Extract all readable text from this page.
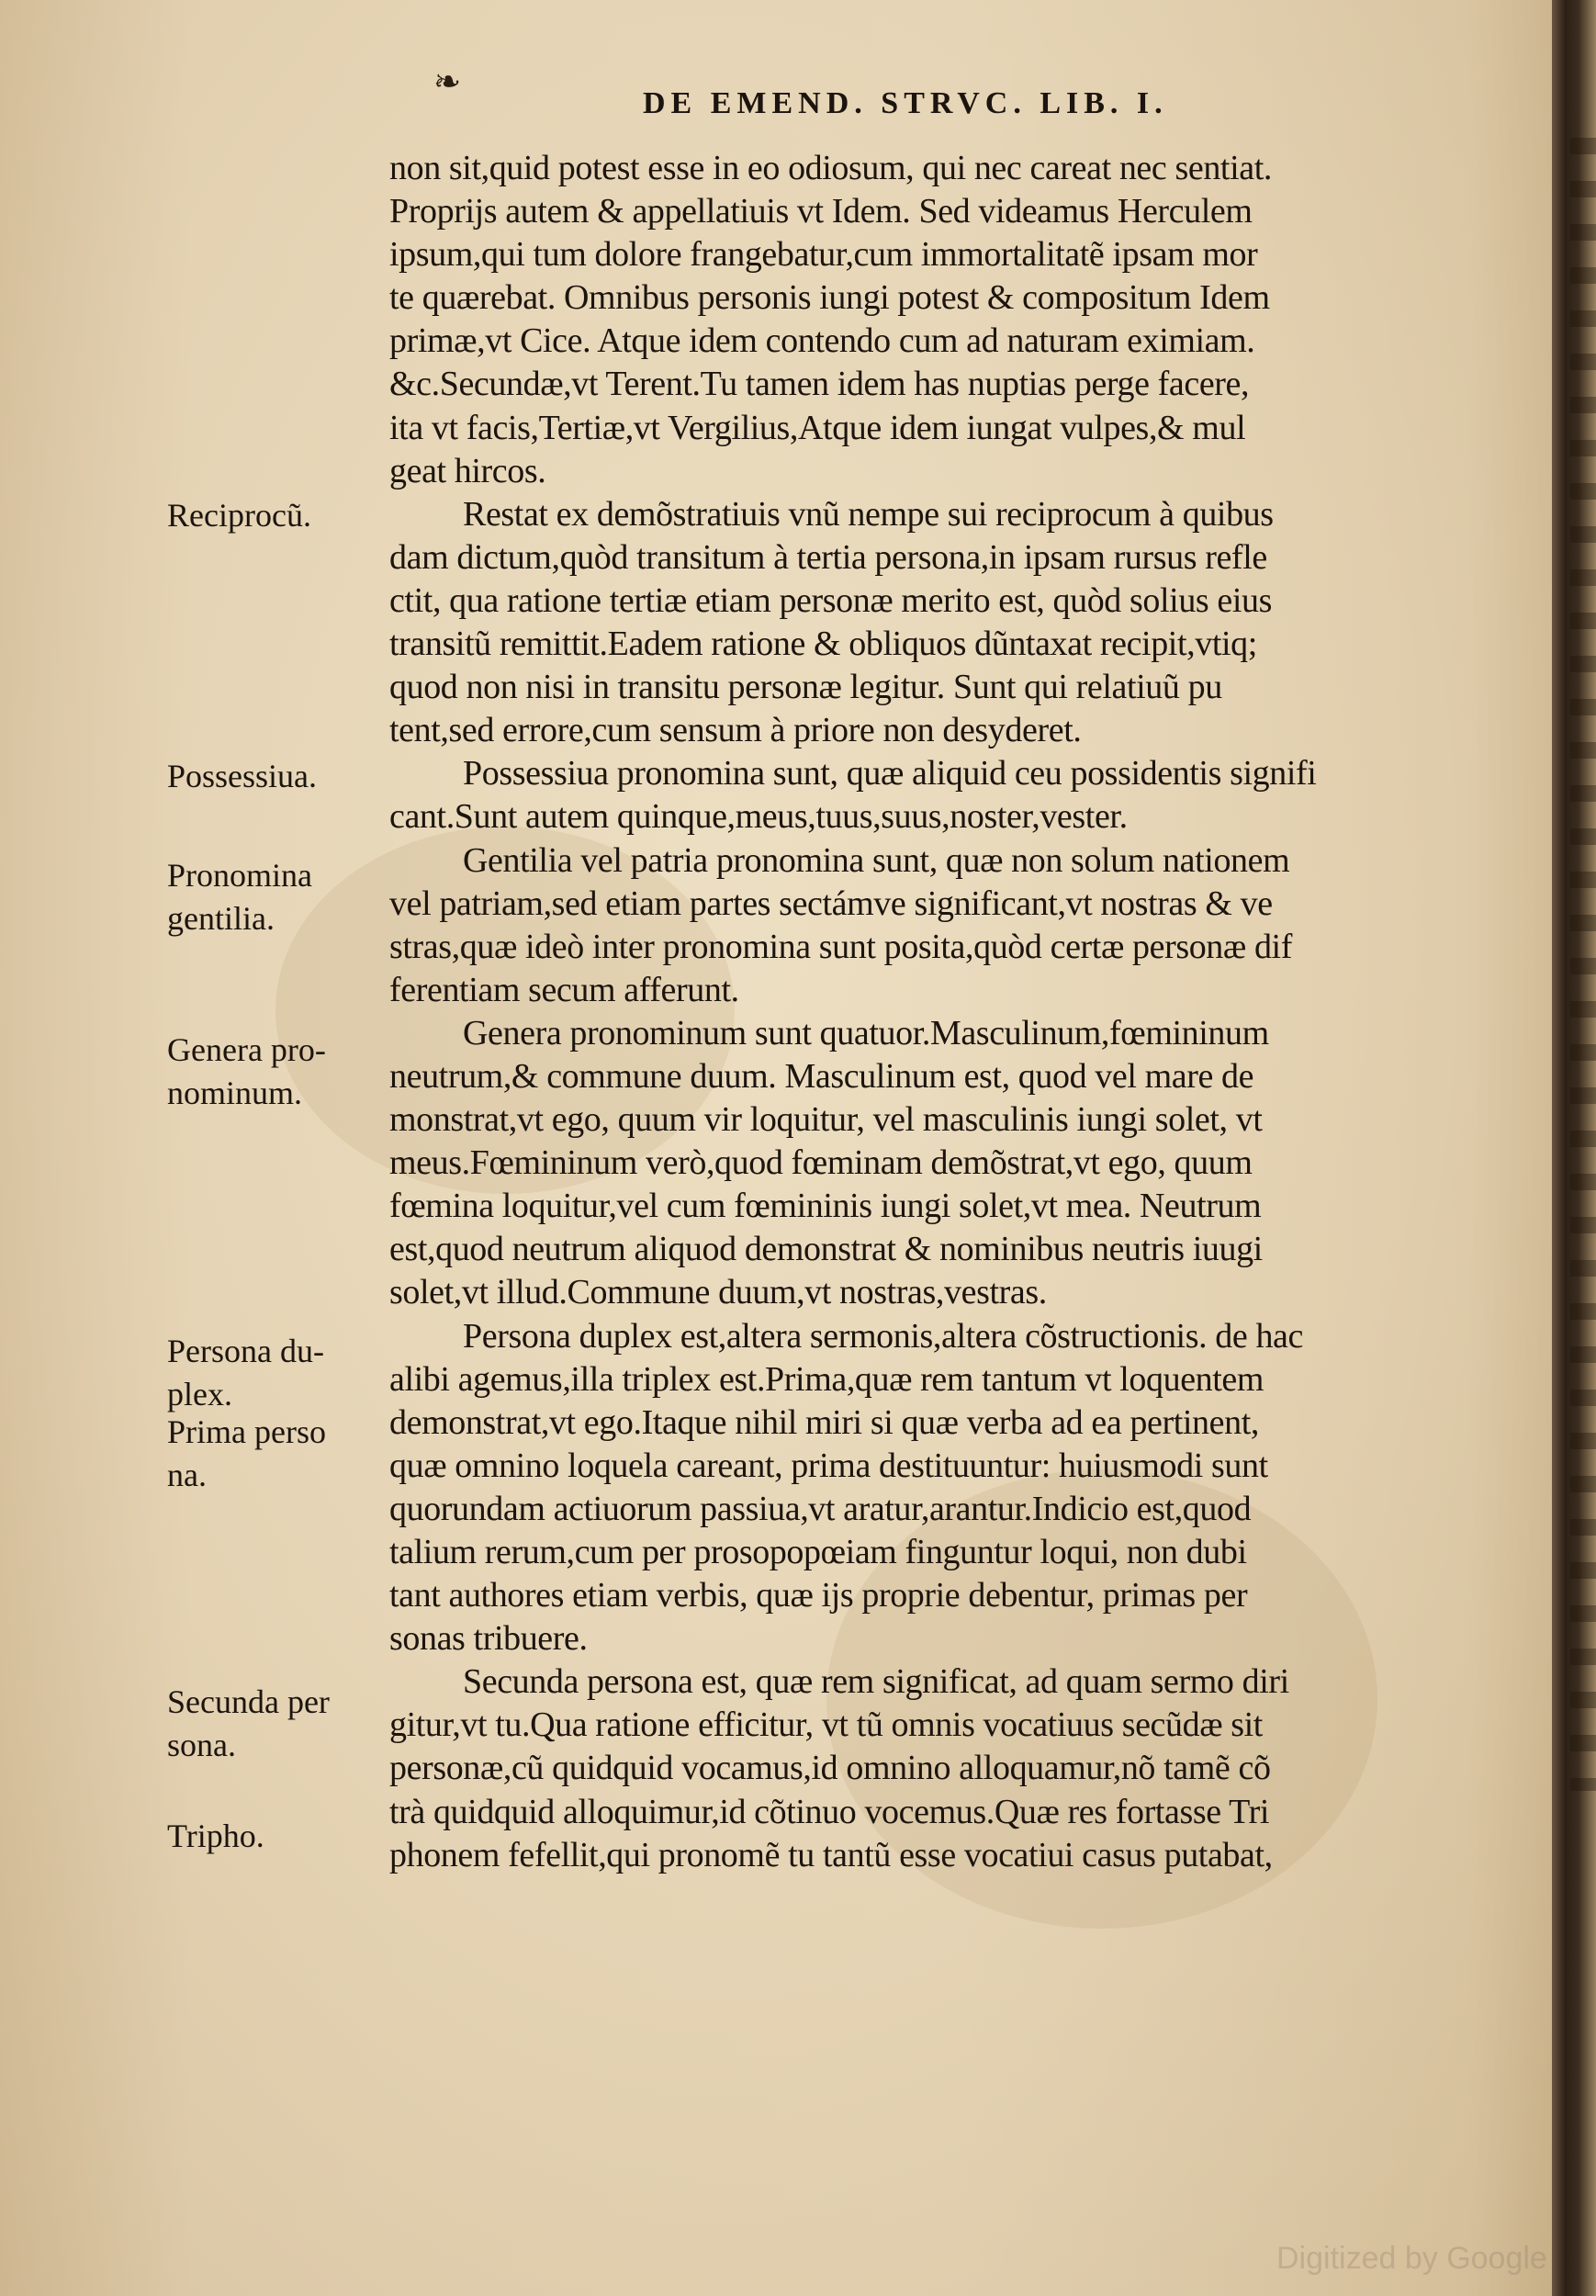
❧
DE EMEND. STRVC. LIB. I.
Reciprocũ.
Possessiua.
Pronomina gentilia.
Genera pro‑ nominum.
Persona du‑ plex.
Prima perso na.
Secunda per sona.
Tripho.
non sit,quid potest esse in eo odiosum, qui nec careat nec sentiat.
Proprijs autem & appellatiuis vt Idem. Sed videamus Herculem
ipsum,qui tum dolore frangebatur,cum immortalitatẽ ipsam mor
te quærebat. Omnibus personis iungi potest & compositum Idem
primæ,vt Cice. Atque idem contendo cum ad naturam eximiam.
&c.Secundæ,vt Terent.Tu tamen idem has nuptias perge facere,
ita vt facis,Tertiæ,vt Vergilius,Atque idem iungat vulpes,& mul
geat hircos.
Restat ex demõstratiuis vnũ nempe sui reciprocum à quibus
dam dictum,quòd transitum à tertia persona,in ipsam rursus refle
ctit, qua ratione tertiæ etiam personæ merito est, quòd solius eius
transitũ remittit.Eadem ratione & obliquos dũntaxat recipit,vtiq;
quod non nisi in transitu personæ legitur. Sunt qui relatiuũ pu
tent,sed errore,cum sensum à priore non desyderet.
Possessiua pronomina sunt, quæ aliquid ceu possidentis signifi
cant.Sunt autem quinque,meus,tuus,suus,noster,vester.
Gentilia vel patria pronomina sunt, quæ non solum nationem
vel patriam,sed etiam partes sectámve significant,vt nostras & ve
stras,quæ ideò inter pronomina sunt posita,quòd certæ personæ dif
ferentiam secum afferunt.
Genera pronominum sunt quatuor.Masculinum,fœmininum
neutrum,& commune duum. Masculinum est, quod vel mare de
monstrat,vt ego, quum vir loquitur, vel masculinis iungi solet, vt
meus.Fœmininum verò,quod fœminam demõstrat,vt ego, quum
fœmina loquitur,vel cum fœmininis iungi solet,vt mea. Neutrum
est,quod neutrum aliquod demonstrat & nominibus neutris iuugi
solet,vt illud.Commune duum,vt nostras,vestras.
Persona duplex est,altera sermonis,altera cõstructionis. de hac
alibi agemus,illa triplex est.Prima,quæ rem tantum vt loquentem
demonstrat,vt ego.Itaque nihil miri si quæ verba ad ea pertinent,
quæ omnino loquela careant, prima destituuntur: huiusmodi sunt
quorundam actiuorum passiua,vt aratur,arantur.Indicio est,quod
talium rerum,cum per prosopopœiam finguntur loqui, non dubi
tant authores etiam verbis, quæ ijs proprie debentur, primas per
sonas tribuere.
Secunda persona est, quæ rem significat, ad quam sermo diri
gitur,vt tu.Qua ratione efficitur, vt tũ omnis vocatiuus secũdæ sit
personæ,cũ quidquid vocamus,id omnino alloquamur,nõ tamẽ cõ
trà quidquid alloquimur,id cõtinuo vocemus.Quæ res fortasse Tri
phonem fefellit,qui pronomẽ tu tantũ esse vocatiui casus putabat,
Digitized by Google
